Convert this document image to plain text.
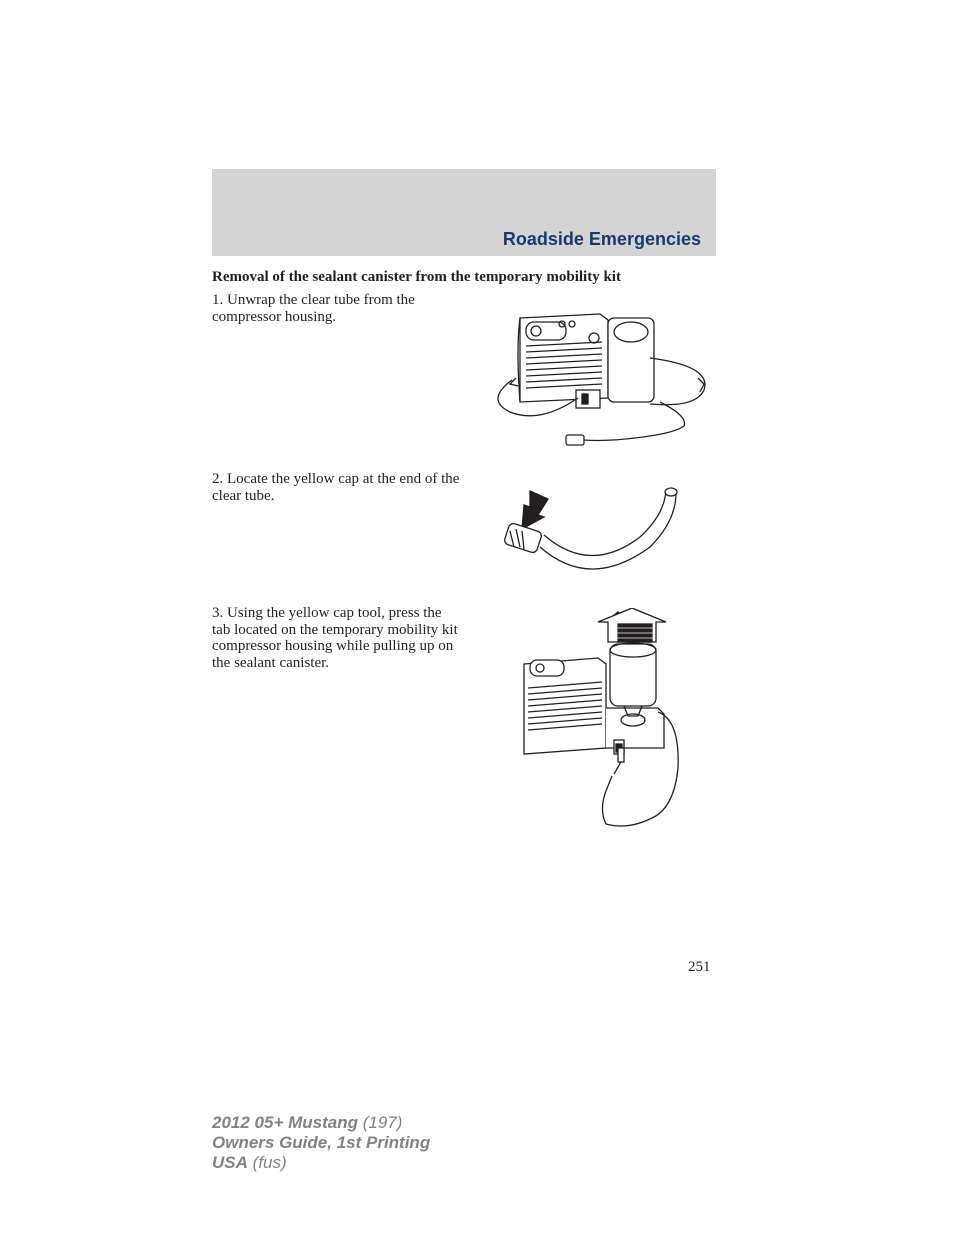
Roadside Emergencies
Removal of the sealant canister from the temporary mobility kit
1. Unwrap the clear tube from the compressor housing.
2. Locate the yellow cap at the end of the clear tube.
3. Using the yellow cap tool, press the tab located on the temporary mobility kit compressor housing while pulling up on the sealant canister.
251
2012 05+ Mustang (197)
Owners Guide, 1st Printing
USA (fus)
